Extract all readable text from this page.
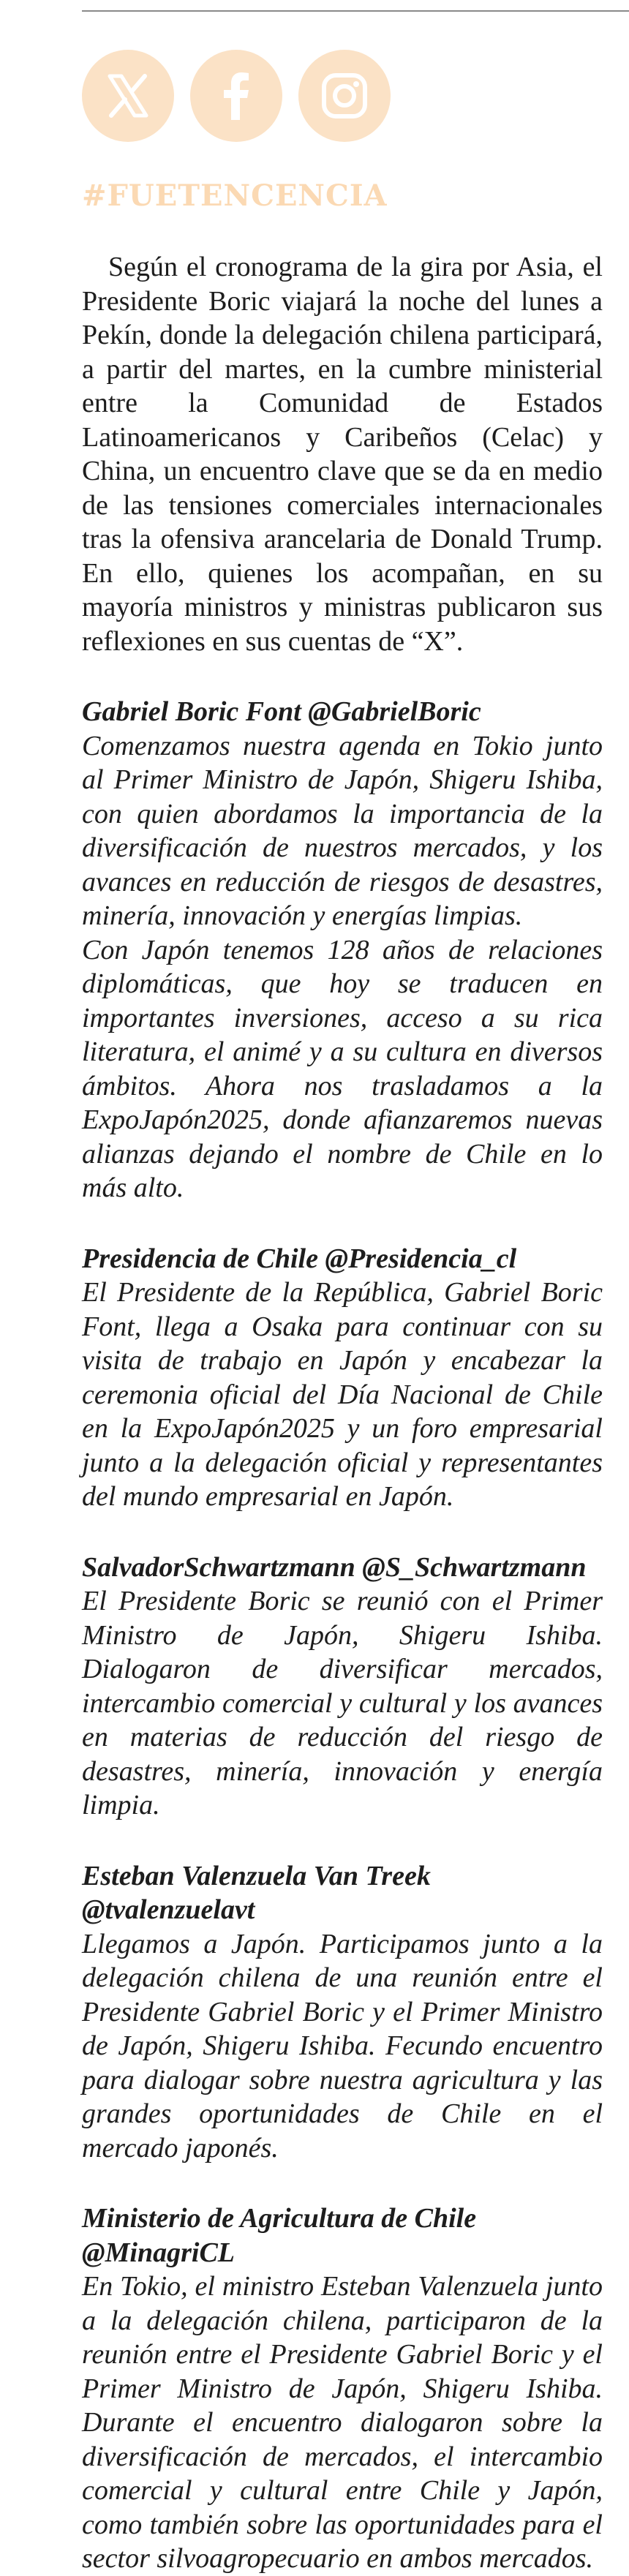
#FUETENCENCIA

Según el cronograma de la gira por Asia, el Presidente Boric viajará la noche del lunes a Pekín, donde la delegación chilena participará, a partir del martes, en la cumbre ministerial entre la Comunidad de Estados Latinoamericanos y Caribeños (Celac) y China, un encuentro clave que se da en medio de las tensiones comerciales internacionales tras la ofensiva arancelaria de Donald Trump. En ello, quienes los acompañan, en su mayoría ministros y ministras publicaron sus reflexiones en sus cuentas de “X”.

Gabriel Boric Font @GabrielBoric

Comenzamos nuestra agenda en Tokio junto al Primer Ministro de Japón, Shigeru Ishiba, con quien abordamos la importancia de la diversificación de nuestros mercados, y los avances en reducción de riesgos de desastres, minería, innovación y energías limpias.

Con Japón tenemos 128 años de relaciones diplomáticas, que hoy se traducen en importantes inversiones, acceso a su rica literatura, el animé y a su cultura en diversos ámbitos. Ahora nos trasladamos a la ExpoJapón2025, donde afianzaremos nuevas alianzas dejando el nombre de Chile en lo más alto.

Presidencia de Chile @Presidencia_cl

El Presidente de la República, Gabriel Boric Font, llega a Osaka para continuar con su visita de trabajo en Japón y encabezar la ceremonia oficial del Día Nacional de Chile en la ExpoJapón2025 y un foro empresarial junto a la delegación oficial y representantes del mundo empresarial en Japón.

SalvadorSchwartzmann @S_Schwartzmann

El Presidente Boric se reunió con el Primer Ministro de Japón, Shigeru Ishiba. Dialogaron de diversificar mercados, intercambio comercial y cultural y los avances en materias de reducción del riesgo de desastres, minería, innovación y energía limpia.

Esteban Valenzuela Van Treek @tvalenzuelavt

Llegamos a Japón. Participamos junto a la delegación chilena de una reunión entre el Presidente Gabriel Boric y el Primer Ministro de Japón, Shigeru Ishiba. Fecundo encuentro para dialogar sobre nuestra agricultura y las grandes oportunidades de Chile en el mercado japonés.

Ministerio de Agricultura de Chile @MinagriCL

En Tokio, el ministro Esteban Valenzuela junto a la delegación chilena, participaron de la reunión entre el Presidente Gabriel Boric y el Primer Ministro de Japón, Shigeru Ishiba. Durante el encuentro dialogaron sobre la diversificación de mercados, el intercambio comercial y cultural entre Chile y Japón, como también sobre las oportunidades para el sector silvoagropecuario en ambos mercados.
